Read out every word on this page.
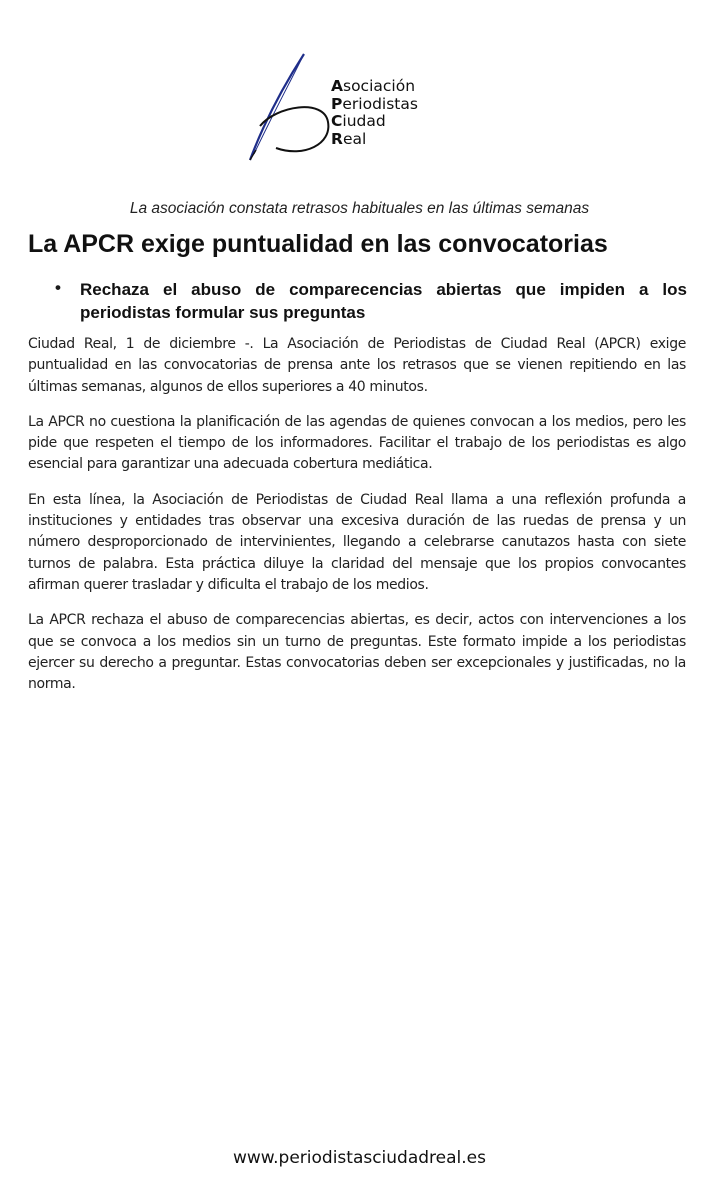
Asociación
Periodistas
Ciudad
Real
La asociación constata retrasos habituales en las últimas semanas
La APCR exige puntualidad en las convocatorias
• Rechaza el abuso de comparecencias abiertas que impiden a los periodistas formular sus preguntas

Ciudad Real, 1 de diciembre -. La Asociación de Periodistas de Ciudad Real (APCR) exige puntualidad en las convocatorias de prensa ante los retrasos que se vienen repitiendo en las últimas semanas, algunos de ellos superiores a 40 minutos.

La APCR no cuestiona la planificación de las agendas de quienes convocan a los medios, pero les pide que respeten el tiempo de los informadores. Facilitar el trabajo de los periodistas es algo esencial para garantizar una adecuada cobertura mediática.

En esta línea, la Asociación de Periodistas de Ciudad Real llama a una reflexión profunda a instituciones y entidades tras observar una excesiva duración de las ruedas de prensa y un número desproporcionado de intervinientes, llegando a celebrarse canutazos hasta con siete turnos de palabra. Esta práctica diluye la claridad del mensaje que los propios convocantes afirman querer trasladar y dificulta el trabajo de los medios.

La APCR rechaza el abuso de comparecencias abiertas, es decir, actos con intervenciones a los que se convoca a los medios sin un turno de preguntas. Este formato impide a los periodistas ejercer su derecho a preguntar. Estas convocatorias deben ser excepcionales y justificadas, no la norma.

www.periodistasciudadreal.es
